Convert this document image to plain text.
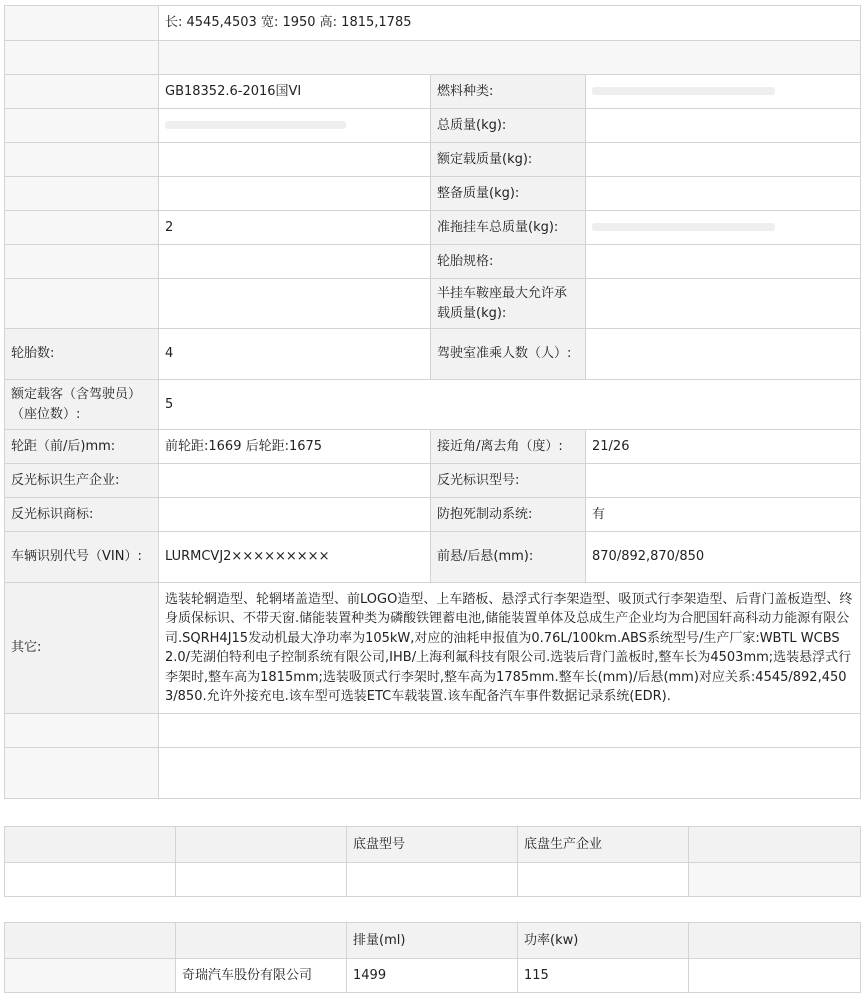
	长: 4545,4503 宽: 1950 高: 1815,1785		

	GB18352.6-2016国VI	燃料种类:	
		总质量(kg):	
		额定载质量(kg):	
		整备质量(kg):	
	2	准拖挂车总质量(kg):	
		轮胎规格:	
		半挂车鞍座最大允许承载质量(kg):	
轮胎数:	4	驾驶室准乘人数（人）:	
额定载客（含驾驶员）（座位数）:	5		
轮距（前/后)mm:	前轮距:1669 后轮距:1675	接近角/离去角（度）:	21/26
反光标识生产企业:		反光标识型号:	
反光标识商标:		防抱死制动系统:	有
车辆识别代号（VIN）:	LURMCVJ2×××××××××	前悬/后悬(mm):	870/892,870/850
其它:	选装轮辋造型、轮辋堵盖造型、前LOGO造型、上车踏板、悬浮式行李架造型、吸顶式行李架造型、后背门盖板造型、终身质保标识、不带天窗.储能装置种类为磷酸铁锂蓄电池,储能装置单体及总成生产企业均为合肥国轩高科动力能源有限公司.SQRH4J15发动机最大净功率为105kW,对应的油耗申报值为0.76L/100km.ABS系统型号/生产厂家:WBTL WCBS 2.0/芜湖伯特利电子控制系统有限公司,IHB/上海利氟科技有限公司.选装后背门盖板时,整车长为4503mm;选装悬浮式行李架时,整车高为1815mm;选装吸顶式行李架时,整车高为1785mm.整车长(mm)/后悬(mm)对应关系:4545/892,4503/850.允许外接充电.该车型可选装ETC车载装置.该车配备汽车事件数据记录系统(EDR).		

		底盘型号	底盘生产企业	

		排量(ml)	功率(kw)	
	奇瑞汽车股份有限公司	1499	115	
